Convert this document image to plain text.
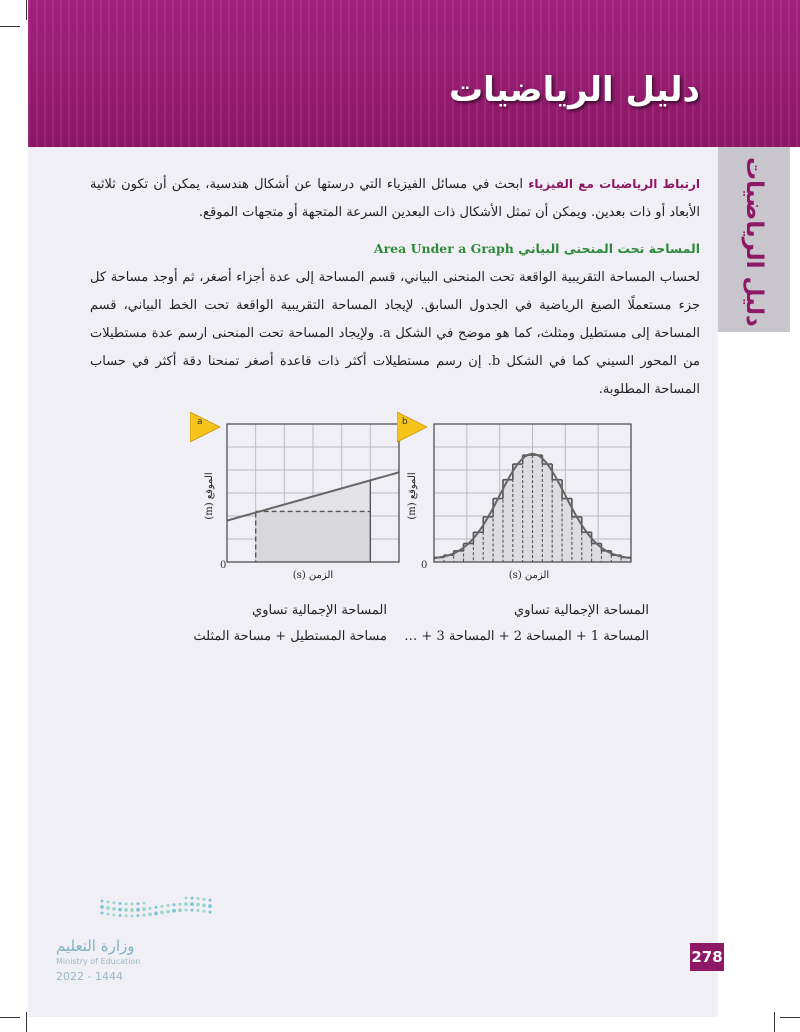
دليل الرياضيات
دليل الرياضيات
ارتباط الرياضيات مع الفيزياء ابحث في مسائل الفيزياء التي درستها عن أشكال هندسية، يمكن أن تكون ثلاثية الأبعاد أو ذات بعدين. ويمكن أن تمثل الأشكال ذات البعدين السرعة المتجهة أو متجهات الموقع.
المساحة تحت المنحنى البياني Area Under a Graph
لحساب المساحة التقريبية الواقعة تحت المنحنى البياني، قسم المساحة إلى عدة أجزاء أصغر، ثم أوجد مساحة كل جزء مستعملًا الصيغ الرياضية في الجدول السابق. لإيجاد المساحة التقريبية الواقعة تحت الخط البياني، قسم المساحة إلى مستطيل ومثلث، كما هو موضح في الشكل a. ولإيجاد المساحة تحت المنحنى ارسم عدة مستطيلات من المحور السيني كما في الشكل b. إن رسم مستطيلات أكثر ذات قاعدة أصغر تمنحنا دقة أكثر في حساب المساحة المطلوبة.
a
0
الموقع (m)
الزمن (s)
b
0
الموقع (m)
الزمن (s)
المساحة الإجمالية تساوي
مساحة المستطيل + مساحة المثلث
المساحة الإجمالية تساوي
المساحة 1 + المساحة 2 + المساحة 3 + …
وزارة التعليم
Ministry of Education
2022 - 1444
278
